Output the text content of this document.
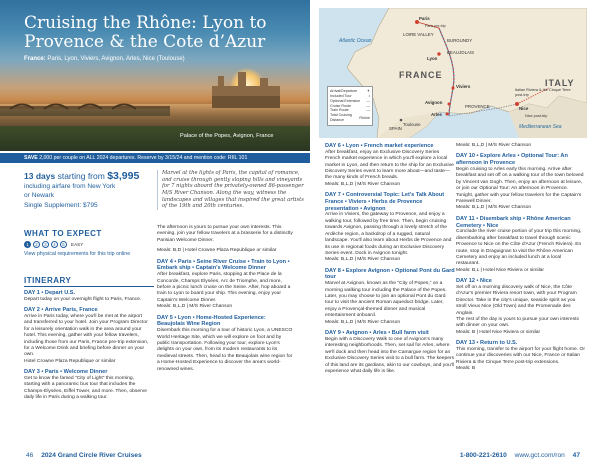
Cruising the Rhône: Lyon to Provence & the Cote d’Azur
France: Paris, Lyon, Viviers, Avignon, Arles, Nice (Toulouse)
Palace of the Popes, Avignon, France
SAVE 2,000 per couple on ALL 2024 departures. Reserve by 3/15/24 and mention code: RIIL 101
13 days starting from $3,995
including airfare from New York
or Newark
Single Supplement: $795
Marvel at the lights of Paris, the capital of romance, and cruise through gently sloping hills and vineyards for 7 nights aboard the privately-owned 86-passenger M/S River Chanson. Along the way, witness the landscapes and villages that inspired the great artists of the 19th and 20th centuries.
WHAT TO EXPECT
1	2	3	4	5	EASY
View physical requirements for this trip online
ITINERARY
DAY 1 • Depart U.S.
Depart today on your overnight flight to Paris, France.
DAY 2 • Arrive Paris, France
Arrive in Paris today, where you'll be met at the airport and transferred to your hotel. Join your Program Director for a leisurely orientation walk in the area around your hotel. This evening, gather with your fellow travelers, including those from our Paris, France pre-trip extension, for a Welcome Drink and briefing before dinner on your own.
Hotel Crowne Plaza Republique or similar
DAY 3 • Paris • Welcome Dinner
Get to know the famed “City of Light” this morning, starting with a panoramic bus tour that includes the Champs-Élysées, Eiffel Tower, and more. Then, observe daily life in Paris during a walking tour.
The afternoon is yours to pursue your own interests. This evening, join your fellow travelers at a brasserie for a distinctly Parisian Welcome Dinner.
Meals: B,D | Hotel Crowne Plaza Republique or similar
DAY 4 • Paris • Seine River Cruise • Train to Lyon • Embark ship • Captain's Welcome Dinner
After breakfast, explore Paris, stopping at the Place de la Concorde, Champs Elysées, Arc de Triomphe, and more, before a picnic lunch cruise on the Seine. After, hop aboard a train to Lyon to board your ship. This evening, enjoy your Captain's Welcome Dinner.
Meals: B,L,D | M/S River Chanson
DAY 5 • Lyon • Home-Hosted Experience: Beaujolais Wine Region
Disembark this morning for a tour of historic Lyon, a UNESCO World Heritage Site, which we will explore on foot and by public transportation. Following your tour, explore Lyon's delights on your own, from its modern restaurants to its medieval streets. Then, head to the Beaujolais wine region for a Home-Hosted Experience to discover the area's world-renowned wines.
Atlantic Ocean
Mediterranean Sea
FRANCE
ITALY
SPAIN
LOIRE VALLEY
BURGUNDY
BEAUJOLAIS
PROVENCE
Paris
Lyon
Viviers
Avignon
Arles
Nice
Toulouse
Paris pre-trip
Italian Riviera & the Cinque Terre post-trip
Nice post-trip
Arrival/Departure	✈
Included Tour	•
Optional Extension —
Cruise Route	—
Train Route	—
Total Cruising Distance
Rhône
DAY 6 • Lyon • French market experience
After breakfast, enjoy an Exclusive Discovery Series French market experience in which you'll explore a local market in Lyon, and then return to the ship for an Exclusive Discovery Series event to learn more about—and taste—the many kinds of French breads.
Meals: B,L,D | M/S River Chanson
DAY 7 • Controversial Topic: Let's Talk About France • Viviers • Herbs de Provence presentation • Avignon
Arrive in Viviers, the gateway to Provence, and enjoy a walking tour, followed by free time. Then, begin cruising towards Avignon, passing through a lovely stretch of the Ardèche region, a backdrop of a rugged, natural landscape. You'll also learn about Herbs de Provence and its use in regional foods during an Exclusive Discovery Series event. Dock in Avignon tonight.
Meals: B,L,D | M/S River Chanson
DAY 8 • Explore Avignon • Optional Pont du Gard tour
Marvel at Avignon, known as the “City of Popes,” on a morning walking tour including the Palace of the Popes. Later, you may choose to join an optional Pont du Gard tour to visit the ancient Roman aqueduct bridge. Later, enjoy a Provençal-themed dinner and musical entertainment onboard.
Meals: B,L,D | M/S River Chanson
DAY 9 • Avignon • Arles • Bull farm visit
Begin with a Discovery Walk to one of Avignon's many interesting neighborhoods. Then, set sail for Arles, where we'll dock and then head into the Camargue region for an Exclusive Discovery Series visit to a bull farm. The keepers of this land are its gardians, akin to our cowboys, and you'll experience what daily life is like.
Meals: B,L,D | M/S River Chanson
DAY 10 • Explore Arles • Optional Tour: An afternoon in Provence
Begin cruising to Arles early this morning. Arrive after breakfast and set off on a walking tour of the town beloved by Vincent van Gogh. Then, enjoy an afternoon at leisure, or join our Optional Tour: An afternoon in Provence. Tonight, gather with your fellow travelers for the Captain's Farewell Dinner.
Meals: B,L,D | M/S River Chanson
DAY 11 • Disembark ship • Rhône American Cemetery • Nice
Conclude the river cruise portion of your trip this morning, disembarking after breakfast to travel through scenic Provence to Nice on the Côte d'Azur (French Riviera). En route, stop in Draguignan to visit the Rhône American Cemetery and enjoy an included lunch at a local restaurant.
Meals: B,L | Hotel Nice Riviera or similar
DAY 12 • Nice
Set off on a morning discovery walk of Nice, the Côte d'Azur's premier Riviera resort town, with your Program Director. Take in the city's unique, seaside spirit as you stroll Vieux Nice (Old Town) and the Promenade des Anglais.
The rest of the day is yours to pursue your own interests with dinner on your own.
Meals: B | Hotel Nice Riviera or similar
DAY 13 • Return to U.S.
This morning, transfer to the airport for your flight home. Or continue your discoveries with our Nice, France or Italian Riviera & the Cinque Terre post-trip extensions.
Meals: B
46 2024 Grand Circle River Cruises	1-800-221-2610 www.gct.com/ron 47
